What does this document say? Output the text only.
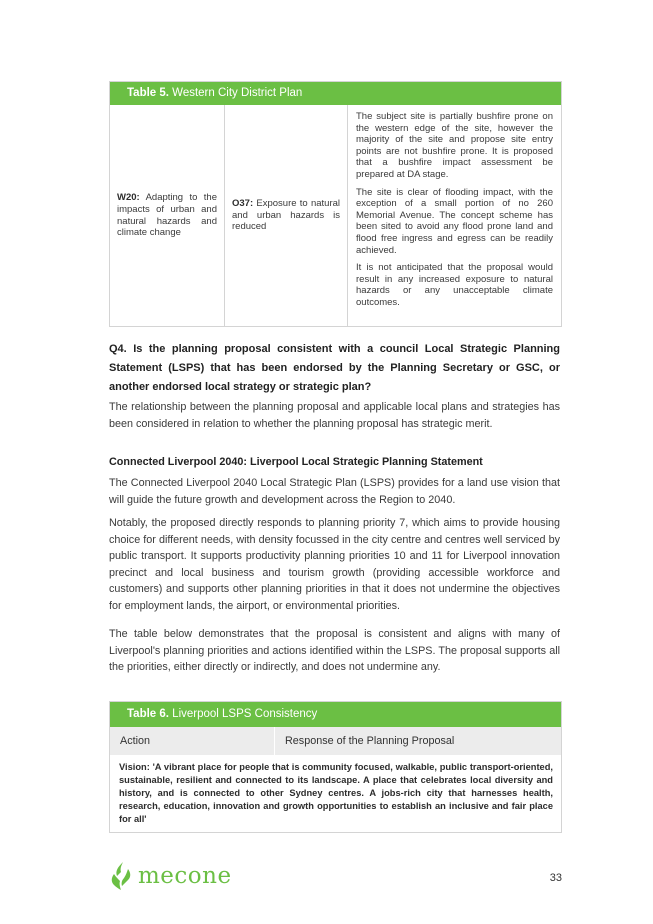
Table 5. Western City District Plan
W20: Adapting to the impacts of urban and natural hazards and climate change
O37: Exposure to natural and urban hazards is reduced

The subject site is partially bushfire prone on the western edge of the site, however the majority of the site and propose site entry points are not bushfire prone. It is proposed that a bushfire impact assessment be prepared at DA stage.

The site is clear of flooding impact, with the exception of a small portion of no 260 Memorial Avenue. The concept scheme has been sited to avoid any flood prone land and flood free ingress and egress can be readily achieved.

It is not anticipated that the proposal would result in any increased exposure to natural hazards or any unacceptable climate outcomes.

Q4. Is the planning proposal consistent with a council Local Strategic Planning Statement (LSPS) that has been endorsed by the Planning Secretary or GSC, or another endorsed local strategy or strategic plan?

The relationship between the planning proposal and applicable local plans and strategies has been considered in relation to whether the planning proposal has strategic merit.

Connected Liverpool 2040: Liverpool Local Strategic Planning Statement

The Connected Liverpool 2040 Local Strategic Plan (LSPS) provides for a land use vision that will guide the future growth and development across the Region to 2040.

Notably, the proposed directly responds to planning priority 7, which aims to provide housing choice for different needs, with density focussed in the city centre and centres well serviced by public transport. It supports productivity planning priorities 10 and 11 for Liverpool innovation precinct and local business and tourism growth (providing accessible workforce and customers) and supports other planning priorities in that it does not undermine the objectives for employment lands, the airport, or environmental priorities.

The table below demonstrates that the proposal is consistent and aligns with many of Liverpool's planning priorities and actions identified within the LSPS. The proposal supports all the priorities, either directly or indirectly, and does not undermine any.

Table 6. Liverpool LSPS Consistency
Action	Response of the Planning Proposal
Vision: 'A vibrant place for people that is community focused, walkable, public transport-oriented, sustainable, resilient and connected to its landscape. A place that celebrates local diversity and history, and is connected to other Sydney centres. A jobs-rich city that harnesses health, research, education, innovation and growth opportunities to establish an inclusive and fair place for all'
mecone	33
